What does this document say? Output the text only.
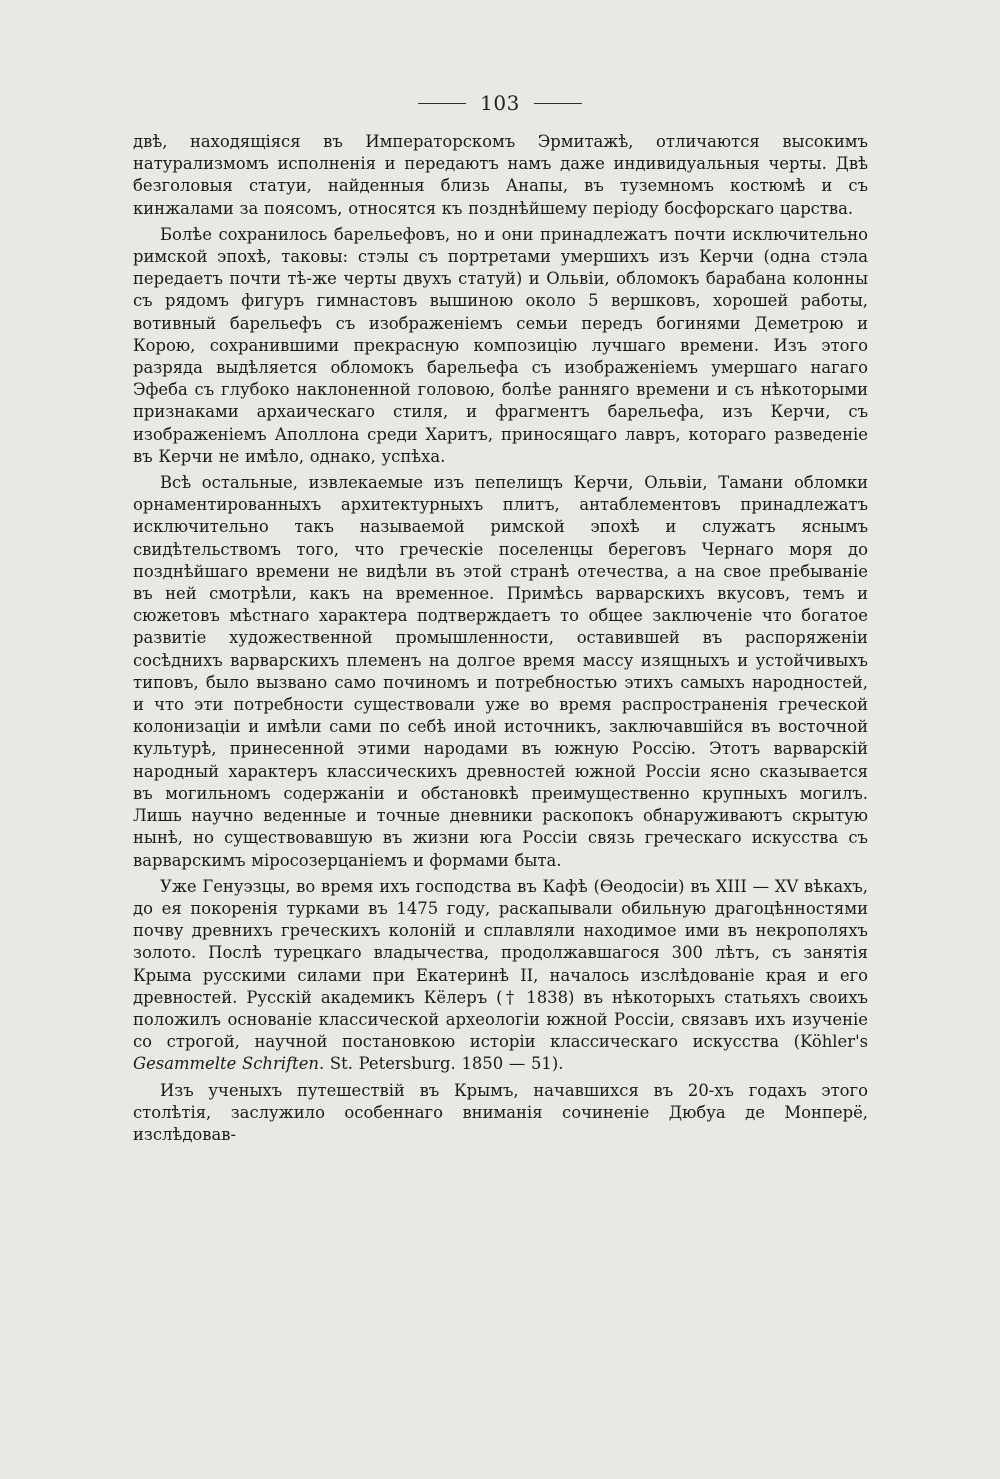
103

двѣ, находящіяся въ Императорскомъ Эрмитажѣ, отличаются высокимъ натурализмомъ исполненія и передаютъ намъ даже индивидуальныя черты. Двѣ безголовыя статуи, найденныя близь Анапы, въ туземномъ костюмѣ и съ кинжалами за поясомъ, относятся къ позднѣйшему періоду босфорскаго царства.

Болѣе сохранилось барельефовъ, но и они принадлежатъ почти исключительно римской эпохѣ, таковы: стэлы съ портретами умершихъ изъ Керчи (одна стэла передаетъ почти тѣ-же черты двухъ статуй) и Ольвіи, обломокъ барабана колонны съ рядомъ фигуръ гимнастовъ вышиною около 5 вершковъ, хорошей работы, вотивный барельефъ съ изображеніемъ семьи передъ богинями Деметрою и Корою, сохранившими прекрасную композицію лучшаго времени. Изъ этого разряда выдѣляется обломокъ барельефа съ изображеніемъ умершаго нагаго Эфеба съ глубоко наклоненной головою, болѣе ранняго времени и съ нѣкоторыми признаками архаическаго стиля, и фрагментъ барельефа, изъ Керчи, съ изображеніемъ Аполлона среди Харитъ, приносящаго лавръ, котораго разведеніе въ Керчи не имѣло, однако, успѣха.

Всѣ остальные, извлекаемые изъ пепелищъ Керчи, Ольвіи, Тамани обломки орнаментированныхъ архитектурныхъ плитъ, антаблементовъ принадлежатъ исключительно такъ называемой римской эпохѣ и служатъ яснымъ свидѣтельствомъ того, что греческіе поселенцы береговъ Чернаго моря до позднѣйшаго времени не видѣли въ этой странѣ отечества, а на свое пребываніе въ ней смотрѣли, какъ на временное. Примѣсь варварскихъ вкусовъ, темъ и сюжетовъ мѣстнаго характера подтверждаетъ то общее заключеніе что богатое развитіе художественной промышленности, оставившей въ распоряженіи сосѣднихъ варварскихъ племенъ на долгое время массу изящныхъ и устойчивыхъ типовъ, было вызвано само починомъ и потребностью этихъ самыхъ народностей, и что эти потребности существовали уже во время распространенія греческой колонизаціи и имѣли сами по себѣ иной источникъ, заключавшійся въ восточной культурѣ, принесенной этими народами въ южную Россію. Этотъ варварскій народный характеръ классическихъ древностей южной Россіи ясно сказывается въ могильномъ содержаніи и обстановкѣ преимущественно крупныхъ могилъ. Лишь научно веденные и точные дневники раскопокъ обнаруживаютъ скрытую нынѣ, но существовавшую въ жизни юга Россіи связь греческаго искусства съ варварскимъ міросозерцаніемъ и формами быта.

Уже Генуэзцы, во время ихъ господства въ Кафѣ (Ѳеодосіи) въ XIII — XV вѣкахъ, до ея покоренія турками въ 1475 году, раскапывали обильную драгоцѣнностями почву древнихъ греческихъ колоній и сплавляли находимое ими въ некрополяхъ золото. Послѣ турецкаго владычества, продолжавшагося 300 лѣтъ, съ занятія Крыма русскими силами при Екатеринѣ II, началось изслѣдованіе края и его древностей. Русскій академикъ Кёлеръ († 1838) въ нѣкоторыхъ статьяхъ своихъ положилъ основаніе классической археологіи южной Россіи, связавъ ихъ изученіе со строгой, научной постановкою исторіи классическаго искусства (Köhler's Gesammelte Schriften. St. Petersburg. 1850 — 51).

Изъ ученыхъ путешествій въ Крымъ, начавшихся въ 20-хъ годахъ этого столѣтія, заслужило особеннаго вниманія сочиненіе Дюбуа де Монперё, изслѣдовав-
